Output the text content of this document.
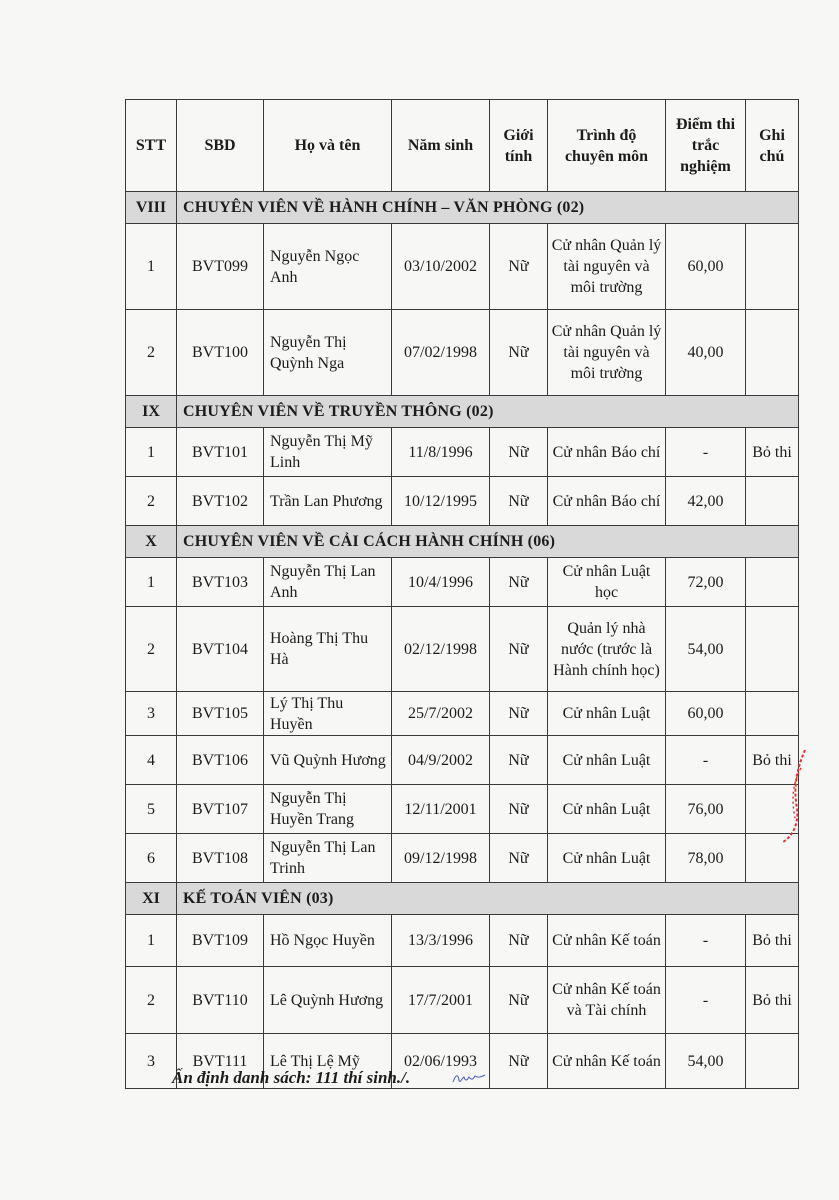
STT	SBD	Họ và tên	Năm sinh	Giới tính	Trình độ chuyên môn	Điểm thi trắc nghiệm	Ghi chú
VIII	CHUYÊN VIÊN VỀ HÀNH CHÍNH – VĂN PHÒNG (02)						
1	BVT099	Nguyễn Ngọc Anh	03/10/2002	Nữ	Cử nhân Quản lý tài nguyên và môi trường	60,00	
2	BVT100	Nguyễn Thị Quỳnh Nga	07/02/1998	Nữ	Cử nhân Quản lý tài nguyên và môi trường	40,00	
IX	CHUYÊN VIÊN VỀ TRUYỀN THÔNG (02)						
1	BVT101	Nguyễn Thị Mỹ Linh	11/8/1996	Nữ	Cử nhân Báo chí	-	Bỏ thi
2	BVT102	Trần Lan Phương	10/12/1995	Nữ	Cử nhân Báo chí	42,00	
X	CHUYÊN VIÊN VỀ CẢI CÁCH HÀNH CHÍNH (06)						
1	BVT103	Nguyễn Thị Lan Anh	10/4/1996	Nữ	Cử nhân Luật học	72,00	
2	BVT104	Hoàng Thị Thu Hà	02/12/1998	Nữ	Quản lý nhà nước (trước là Hành chính học)	54,00	
3	BVT105	Lý Thị Thu Huyền	25/7/2002	Nữ	Cử nhân Luật	60,00	
4	BVT106	Vũ Quỳnh Hương	04/9/2002	Nữ	Cử nhân Luật	-	Bỏ thi
5	BVT107	Nguyễn Thị Huyền Trang	12/11/2001	Nữ	Cử nhân Luật	76,00	
6	BVT108	Nguyễn Thị Lan Trinh	09/12/1998	Nữ	Cử nhân Luật	78,00	
XI	KẾ TOÁN VIÊN (03)						
1	BVT109	Hồ Ngọc Huyền	13/3/1996	Nữ	Cử nhân Kế toán	-	Bỏ thi
2	BVT110	Lê Quỳnh Hương	17/7/2001	Nữ	Cử nhân Kế toán và Tài chính	-	Bỏ thi
3	BVT111	Lê Thị Lệ Mỹ	02/06/1993	Nữ	Cử nhân Kế toán	54,00	
Ấn định danh sách: 111 thí sinh./.
